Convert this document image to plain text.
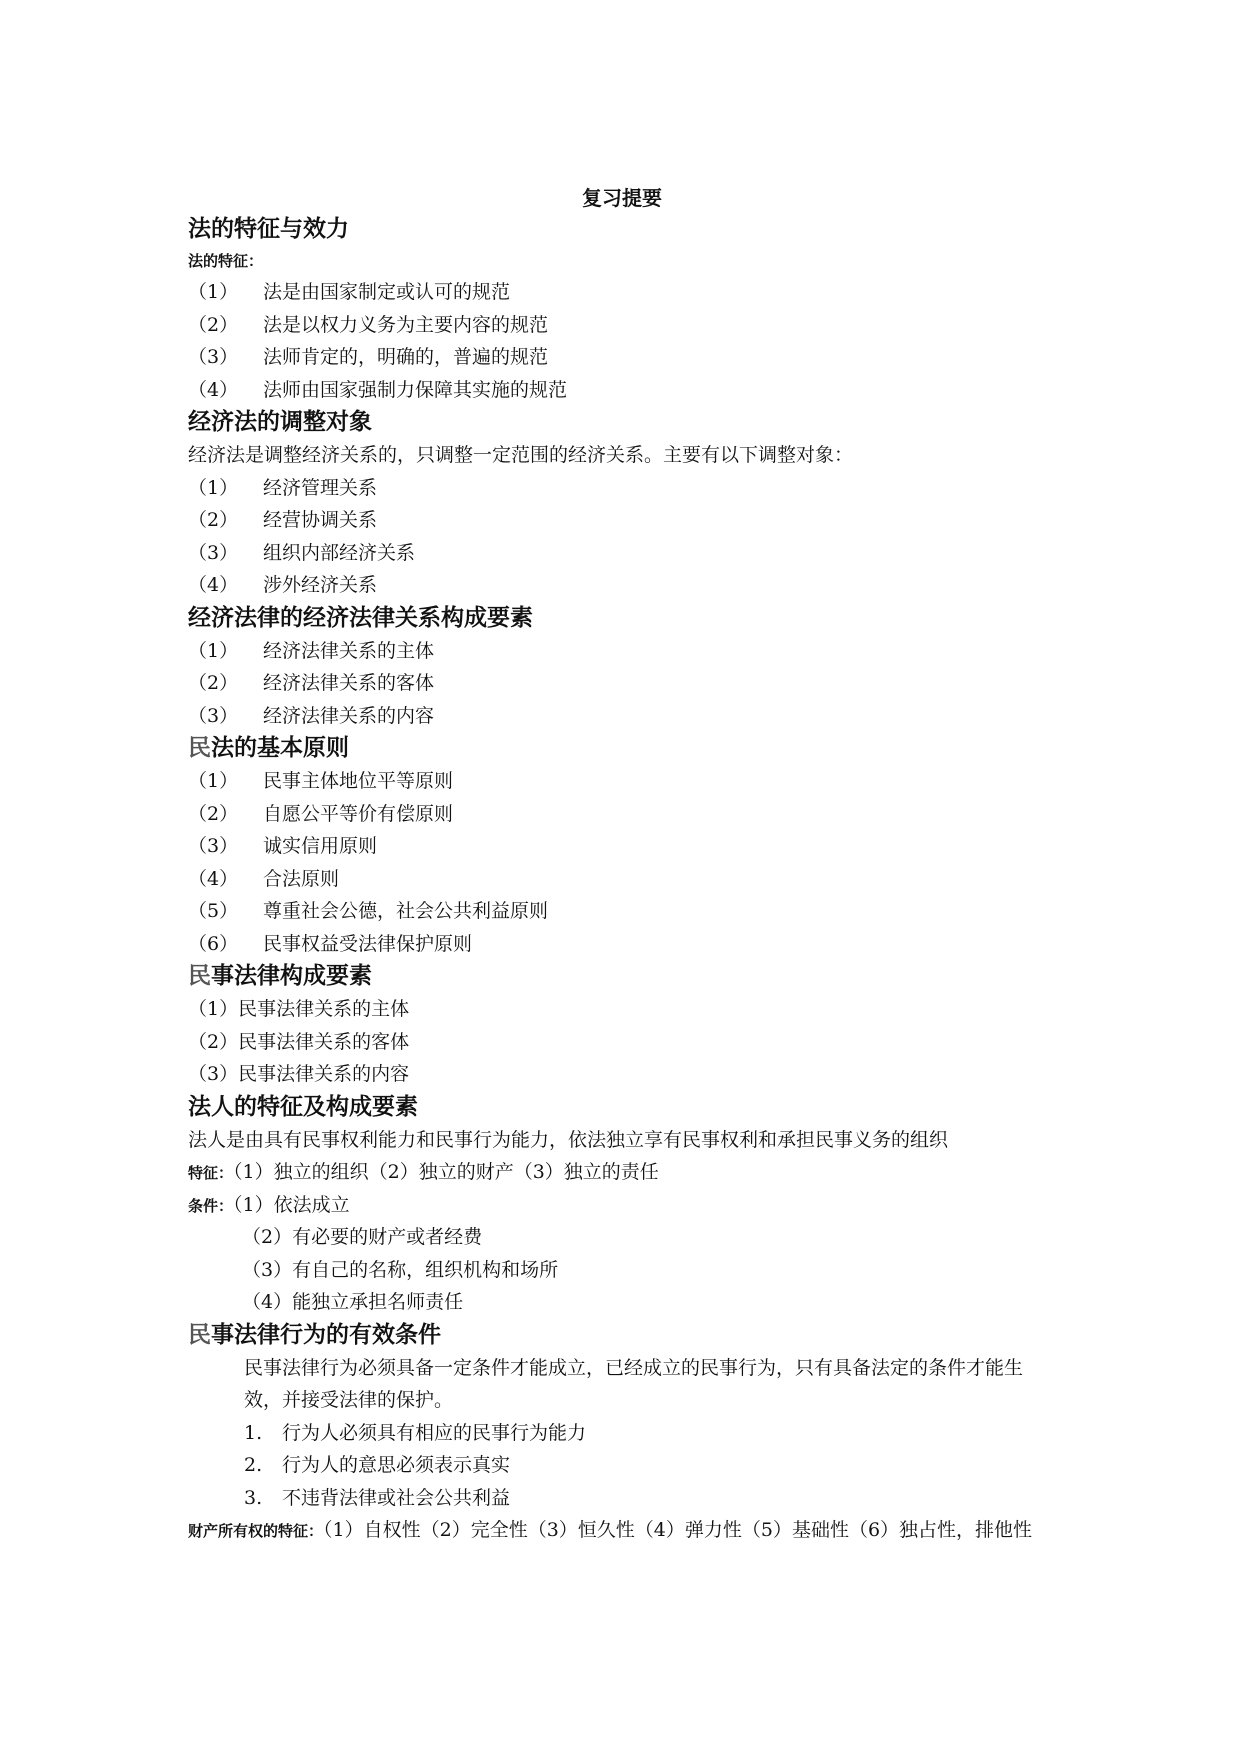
复习提要
法的特征与效力
法的特征：
（1）	法是由国家制定或认可的规范
（2）	法是以权力义务为主要内容的规范
（3）	法师肯定的，明确的，普遍的规范
（4）	法师由国家强制力保障其实施的规范
经济法的调整对象
经济法是调整经济关系的，只调整一定范围的经济关系。主要有以下调整对象：
（1）	经济管理关系
（2）	经营协调关系
（3）	组织内部经济关系
（4）	涉外经济关系
经济法律的经济法律关系构成要素
（1）	经济法律关系的主体
（2）	经济法律关系的客体
（3）	经济法律关系的内容
民法的基本原则
（1）	民事主体地位平等原则
（2）	自愿公平等价有偿原则
（3）	诚实信用原则
（4）	合法原则
（5）	尊重社会公德，社会公共利益原则
（6）	民事权益受法律保护原则
民事法律构成要素
（1） 民事法律关系的主体
（2） 民事法律关系的客体
（3） 民事法律关系的内容
法人的特征及构成要素
法人是由具有民事权利能力和民事行为能力，依法独立享有民事权利和承担民事义务的组织
特征：（1）独立的组织（2）独立的财产（3）独立的责任
条件：（1）依法成立
（2）有必要的财产或者经费
（3）有自己的名称，组织机构和场所
（4）能独立承担名师责任
民事法律行为的有效条件
民事法律行为必须具备一定条件才能成立，已经成立的民事行为，只有具备法定的条件才能生效，并接受法律的保护。
1.	行为人必须具有相应的民事行为能力
2.	行为人的意思必须表示真实
3.	不违背法律或社会公共利益
财产所有权的特征：（1）自权性（2）完全性（3）恒久性（4）弹力性（5）基础性（6）独占性，排他性
